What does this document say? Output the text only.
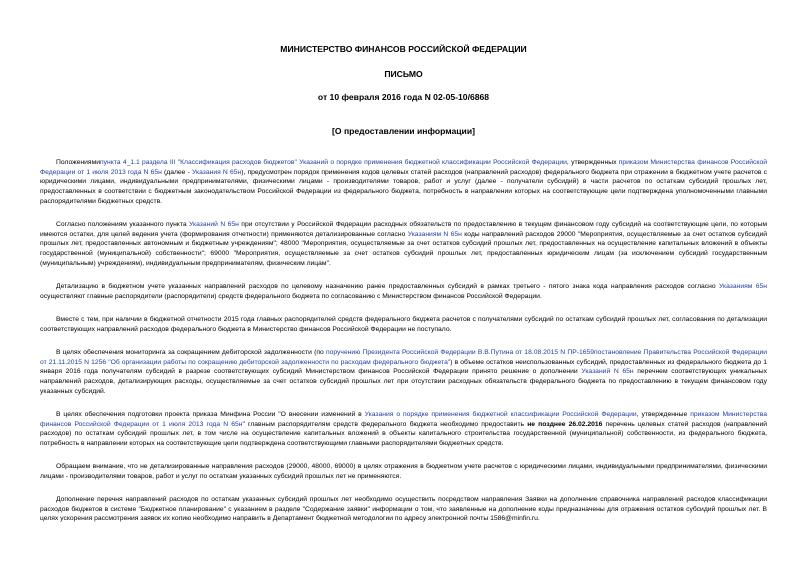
МИНИСТЕРСТВО ФИНАНСОВ РОССИЙСКОЙ ФЕДЕРАЦИИ
ПИСЬМО
от 10 февраля 2016 года N 02-05-10/6868
[О предоставлении информации]

Положениямипункта 4_1.1 раздела III "Классификация расходов бюджетов" Указаний о порядке применения бюджетной классификации Российской Федерации, утвержденных приказом Министерства финансов Российской Федерации от 1 июля 2013 года N 65н (далее - Указания N 65н), предусмотрен порядок применения кодов целевых статей расходов (направлений расходов) федерального бюджета при отражении в бюджетном учете расчетов с юридическими лицами, индивидуальными предпринимателями, физическими лицами - производителями товаров, работ и услуг (далее - получатели субсидий) в части расчетов по остаткам субсидий прошлых лет, предоставленных в соответствии с бюджетным законодательством Российской Федерации из федерального бюджета, потребность в направлении которых на соответствующие цели подтверждена уполномоченными главными распорядителями бюджетных средств.

Согласно положениям указанного пункта Указаний N 65н при отсутствии у Российской Федерации расходных обязательств по предоставлению в текущем финансовом году субсидий на соответствующие цели, по которым имеются остатки, для целей ведения учета (формирования отчетности) применяются детализированные согласно Указаниям N 65н коды направлений расходов 29000 "Мероприятия, осуществляемые за счет остатков субсидий прошлых лет, предоставленных автономным и бюджетным учреждениям"; 48000 "Мероприятия, осуществляемые за счет остатков субсидий прошлых лет, предоставленных на осуществление капитальных вложений в объекты государственной (муниципальной) собственности"; 69000 "Мероприятия, осуществляемые за счет остатков субсидий прошлых лет, предоставленных юридическим лицам (за исключением субсидий государственным (муниципальным) учреждениям), индивидуальным предпринимателям, физическим лицам".

Детализацию в бюджетном учете указанных направлений расходов по целевому назначению ранее предоставленных субсидий в рамках третьего - пятого знака кода направления расходов согласно Указаниям 65н осуществляют главные распорядители (распорядители) средств федерального бюджета по согласованию с Министерством финансов Российской Федерации.

Вместе с тем, при наличии в бюджетной отчетности 2015 года главных распорядителей средств федерального бюджета расчетов с получателями субсидий по остаткам субсидий прошлых лет, согласования по детализации соответствующих направлений расходов федерального бюджета в Министерство финансов Российской Федерации не поступало.

В целях обеспечения мониторинга за сокращением дебиторской задолженности (по поручению Президента Российской Федерации В.В.Путина от 18.08.2015 N ПР-1659постановление Правительства Российской Федерации от 21.11.2015 N 1256 "Об организации работы по сокращению дебиторской задолженности по расходам федерального бюджета") в объеме остатков неиспользованных субсидий, предоставленных из федерального бюджета до 1 января 2016 года получателям субсидий в разрезе соответствующих субсидий Министерством финансов Российской Федерации принято решение о дополнении Указаний N 65н перечнем соответствующих уникальных направлений расходов, детализирующих расходы, осуществляемые за счет остатков субсидий прошлых лет при отсутствии расходных обязательств федерального бюджета по предоставлению в текущем финансовом году указанных субсидий.

В целях обеспечения подготовки проекта приказа Минфина России "О внесении изменений в Указания о порядке применения бюджетной классификации Российской Федерации, утвержденные приказом Министерства финансов Российской Федерации от 1 июля 2013 года N 65н" главным распорядителям средств федерального бюджета необходимо предоставить не позднее 26.02.2016 перечень целевых статей расходов (направлений расходов) по остаткам субсидий прошлых лет, в том числе на осуществление капитальных вложений в объекты капитального строительства государственной (муниципальной) собственности, из федерального бюджета, потребность в направлении которых на соответствующие цели подтверждена соответствующими главными распорядителями бюджетных средств.

Обращаем внимание, что не детализированные направления расходов (29000, 48000, 69000) в целях отражения в бюджетном учете расчетов с юридическими лицами, индивидуальными предпринимателями, физическими лицами - производителями товаров, работ и услуг по остаткам указанных субсидий прошлых лет не применяются.

Дополнение перечня направлений расходов по остаткам указанных субсидий прошлых лет необходимо осуществить посредством направления Заявки на дополнение справочника направлений расходов классификации расходов бюджетов в системе "Бюджетное планирование" с указанием в разделе "Содержание заявки" информации о том, что заявленные на дополнение коды предназначены для отражения остатков субсидий прошлых лет. В целях ускорения рассмотрения заявок их копию необходимо направить в Департамент бюджетной методологии по адресу электронной почты 1586@minfin.ru.
